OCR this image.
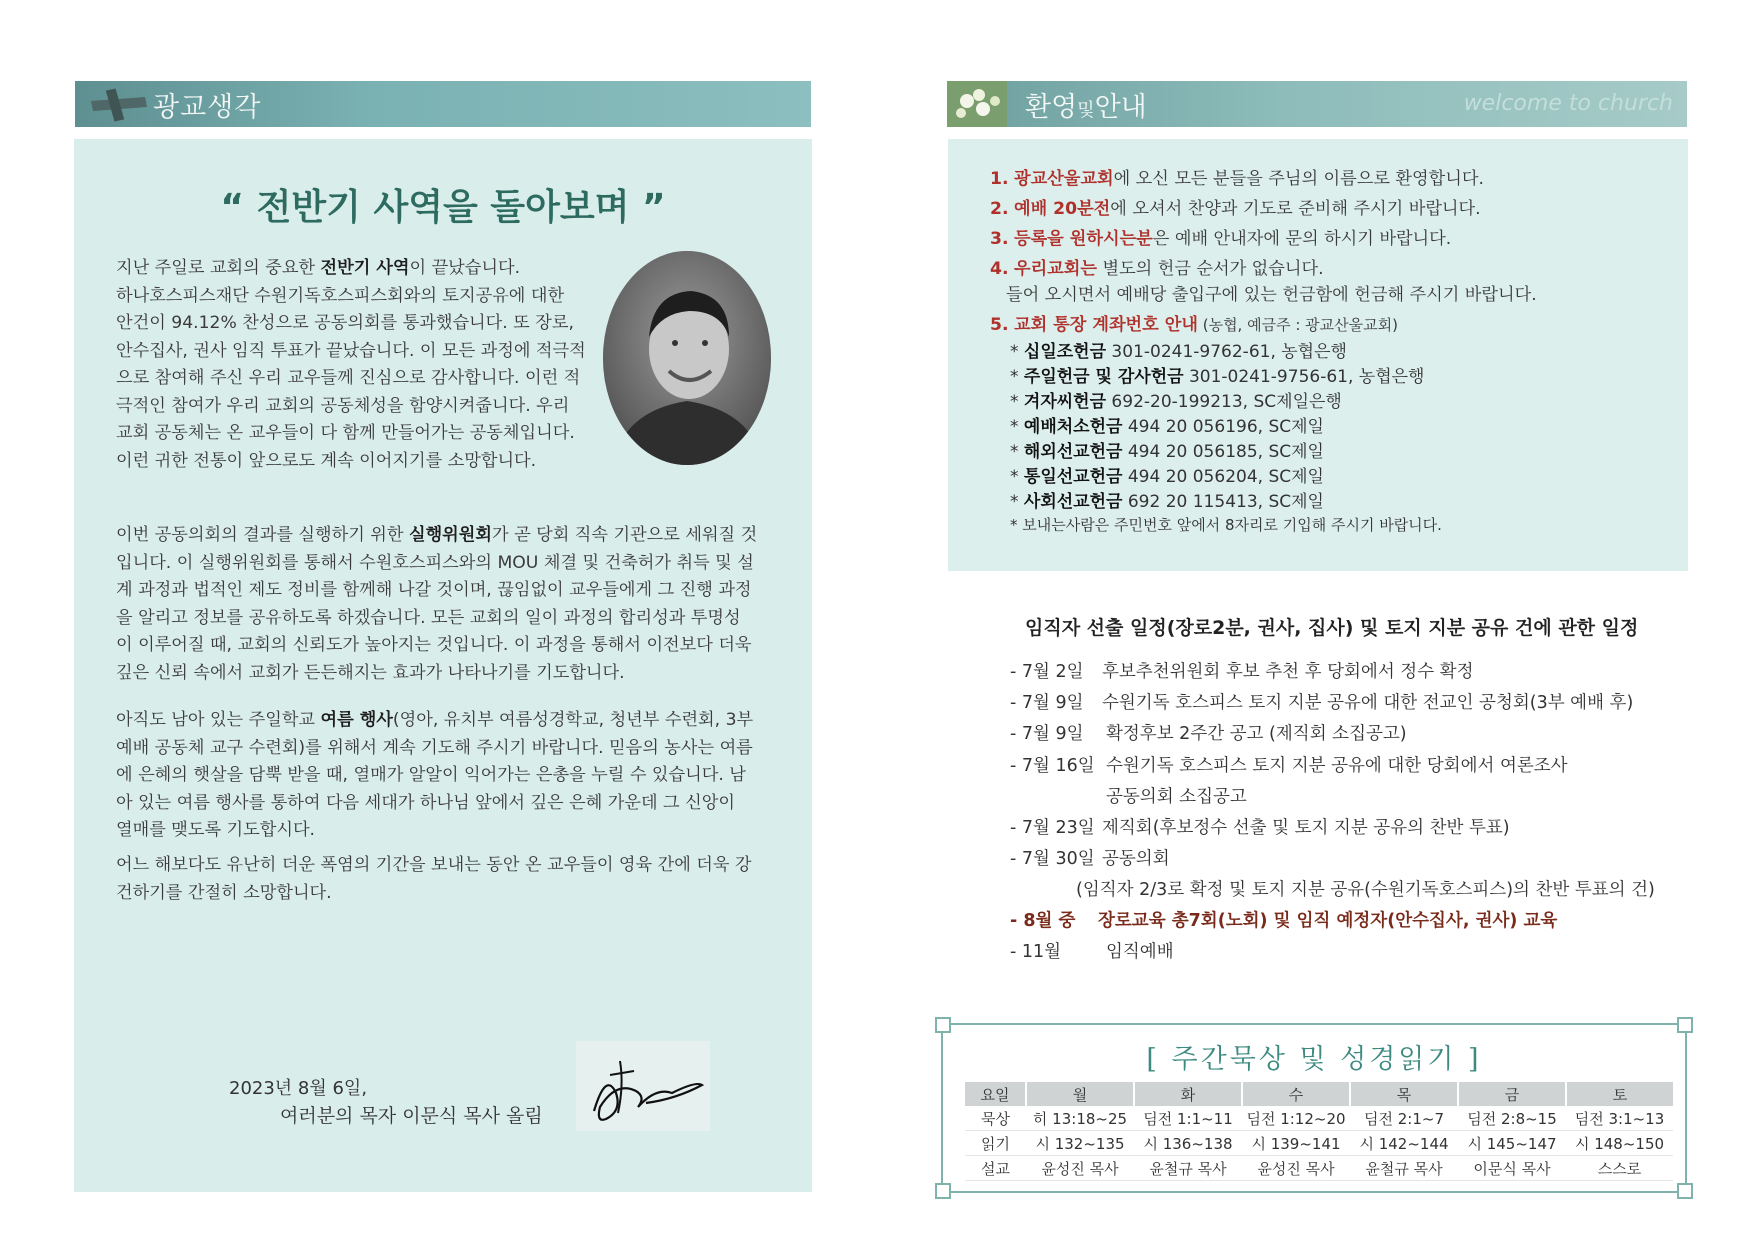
광교생각
“ 전반기 사역을 돌아보며 ”
지난 주일로 교회의 중요한 전반기 사역이 끝났습니다.
하나호스피스재단 수원기독호스피스회와의 토지공유에 대한
안건이 94.12% 찬성으로 공동의회를 통과했습니다. 또 장로,
안수집사, 권사 임직 투표가 끝났습니다. 이 모든 과정에 적극적
으로 참여해 주신 우리 교우들께 진심으로 감사합니다. 이런 적
극적인 참여가 우리 교회의 공동체성을 함양시켜줍니다. 우리
교회 공동체는 온 교우들이 다 함께 만들어가는 공동체입니다.
이런 귀한 전통이 앞으로도 계속 이어지기를 소망합니다.
이번 공동의회의 결과를 실행하기 위한 실행위원회가 곧 당회 직속 기관으로 세워질 것
입니다. 이 실행위원회를 통해서 수원호스피스와의 MOU 체결 및 건축허가 취득 및 설
계 과정과 법적인 제도 정비를 함께해 나갈 것이며, 끊임없이 교우들에게 그 진행 과정
을 알리고 정보를 공유하도록 하겠습니다. 모든 교회의 일이 과정의 합리성과 투명성
이 이루어질 때, 교회의 신뢰도가 높아지는 것입니다. 이 과정을 통해서 이전보다 더욱
깊은 신뢰 속에서 교회가 든든해지는 효과가 나타나기를 기도합니다.
아직도 남아 있는 주일학교 여름 행사(영아, 유치부 여름성경학교, 청년부 수련회, 3부
예배 공동체 교구 수련회)를 위해서 계속 기도해 주시기 바랍니다. 믿음의 농사는 여름
에 은혜의 햇살을 담뿍 받을 때, 열매가 알알이 익어가는 은총을 누릴 수 있습니다. 남
아 있는 여름 행사를 통하여 다음 세대가 하나님 앞에서 깊은 은혜 가운데 그 신앙이
열매를 맺도록 기도합시다.
어느 해보다도 유난히 더운 폭염의 기간을 보내는 동안 온 교우들이 영육 간에 더욱 강
건하기를 간절히 소망합니다.
2023년 8월 6일,
여러분의 목자 이문식 목사 올림
환영및안내	welcome to church
1. 광교산울교회에 오신 모든 분들을 주님의 이름으로 환영합니다.
2. 예배 20분전에 오셔서 찬양과 기도로 준비해 주시기 바랍니다.
3. 등록을 원하시는분은 예배 안내자에 문의 하시기 바랍니다.
4. 우리교회는 별도의 헌금 순서가 없습니다.
들어 오시면서 예배당 출입구에 있는 헌금함에 헌금해 주시기 바랍니다.
5. 교회 통장 계좌번호 안내 (농협, 예금주 : 광교산울교회)
* 십일조헌금 301-0241-9762-61, 농협은행
* 주일헌금 및 감사헌금 301-0241-9756-61, 농협은행
* 겨자씨헌금 692-20-199213, SC제일은행
* 예배처소헌금 494 20 056196, SC제일
* 해외선교헌금 494 20 056185, SC제일
* 통일선교헌금 494 20 056204, SC제일
* 사회선교헌금 692 20 115413, SC제일
* 보내는사람은 주민번호 앞에서 8자리로 기입해 주시기 바랍니다.
임직자 선출 일정(장로2분, 권사, 집사) 및 토지 지분 공유 건에 관한 일정
- 7월 2일 후보추천위원회 후보 추천 후 당회에서 정수 확정
- 7월 9일 수원기독 호스피스 토지 지분 공유에 대한 전교인 공청회(3부 예배 후)
- 7월 9일 확정후보 2주간 공고 (제직회 소집공고)
- 7월 16일 수원기독 호스피스 토지 지분 공유에 대한 당회에서 여론조사
공동의회 소집공고
- 7월 23일 제직회(후보정수 선출 및 토지 지분 공유의 찬반 투표)
- 7월 30일 공동의회
(임직자 2/3로 확정 및 토지 지분 공유(수원기독호스피스)의 찬반 투표의 건)
- 8월 중 장로교육 총7회(노회) 및 임직 예정자(안수집사, 권사) 교육
- 11월	임직예배
[ 주간묵상 및 성경읽기 ]
요일	월	화	수	목	금	토
묵상	히 13:18~25	딤전 1:1~11	딤전 1:12~20	딤전 2:1~7	딤전 2:8~15	딤전 3:1~13
읽기	시 132~135	시 136~138	시 139~141	시 142~144	시 145~147	시 148~150
설교	윤성진 목사	윤철규 목사	윤성진 목사	윤철규 목사	이문식 목사	스스로
